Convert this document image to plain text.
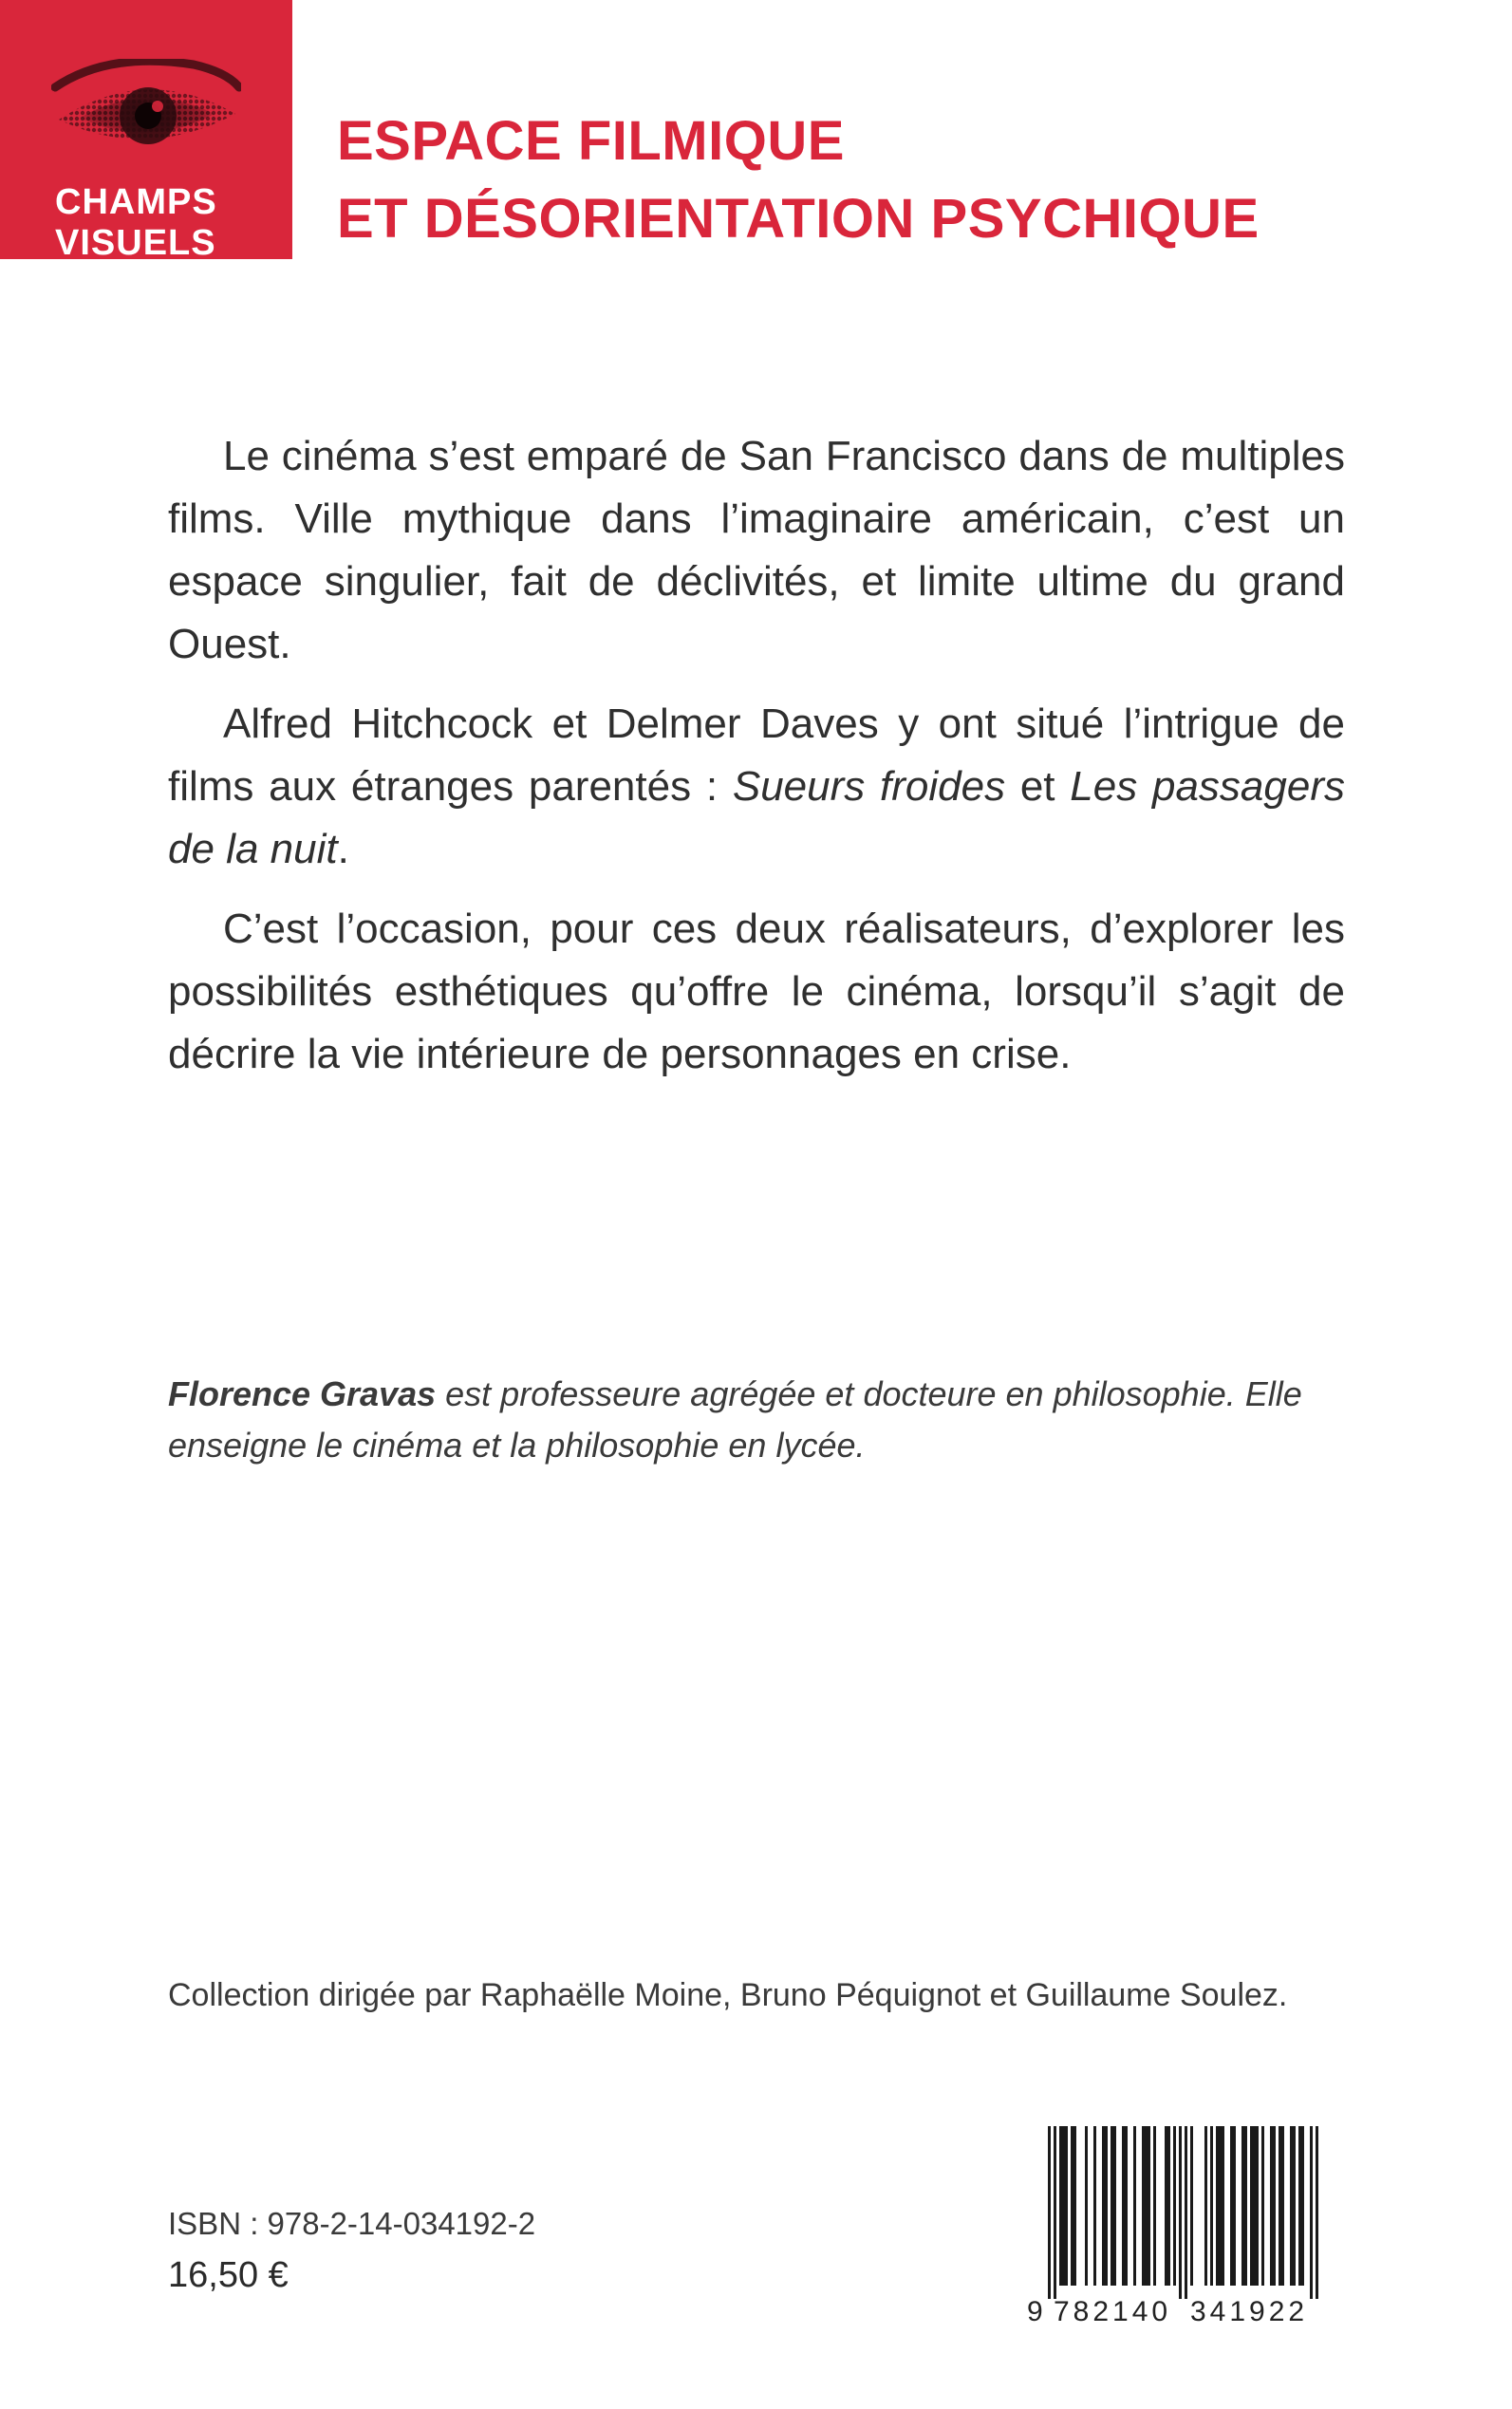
CHAMPS
VISUELS
ESPACE FILMIQUE
ET DÉSORIENTATION PSYCHIQUE

Le cinéma s’est emparé de San Francisco dans de multiples films. Ville mythique dans l’imaginaire américain, c’est un espace singulier, fait de déclivités, et limite ultime du grand Ouest.

Alfred Hitchcock et Delmer Daves y ont situé l’intrigue de films aux étranges parentés : Sueurs froides et Les passagers de la nuit.

C’est l’occasion, pour ces deux réalisateurs, d’explorer les possibilités esthétiques qu’offre le cinéma, lorsqu’il s’agit de décrire la vie intérieure de personnages en crise.

Florence Gravas est professeure agrégée et docteure en philosophie. Elle enseigne le cinéma et la philosophie en lycée.

Collection dirigée par Raphaëlle Moine, Bruno Péquignot et Guillaume Soulez.

ISBN : 978-2-14-034192-2

16,50 €

9 782140 341922
